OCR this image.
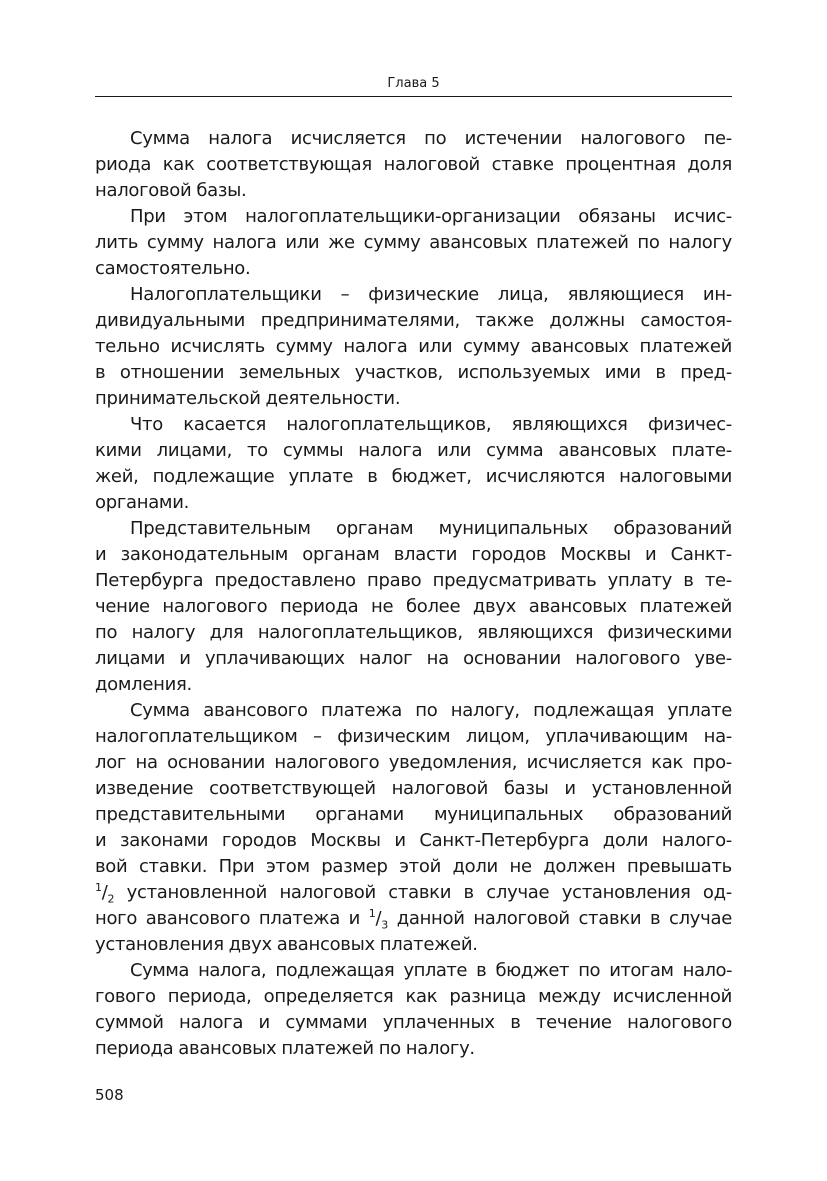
Глава 5

Сумма налога исчисляется по истечении налогового пе-
риода как соответствующая налоговой ставке процентная доля
налоговой базы.

При этом налогоплательщики-организации обязаны исчис-
лить сумму налога или же сумму авансовых платежей по налогу
самостоятельно.

Налогоплательщики – физические лица, являющиеся ин-
дивидуальными предпринимателями, также должны самостоя-
тельно исчислять сумму налога или сумму авансовых платежей
в отношении земельных участков, используемых ими в пред-
принимательской деятельности.

Что касается налогоплательщиков, являющихся физичес-
кими лицами, то суммы налога или сумма авансовых плате-
жей, подлежащие уплате в бюджет, исчисляются налоговыми
органами.

Представительным органам муниципальных образований
и законодательным органам власти городов Москвы и Санкт-
Петербурга предоставлено право предусматривать уплату в те-
чение налогового периода не более двух авансовых платежей
по налогу для налогоплательщиков, являющихся физическими
лицами и уплачивающих налог на основании налогового уве-
домления.

Сумма авансового платежа по налогу, подлежащая уплате
налогоплательщиком – физическим лицом, уплачивающим на-
лог на основании налогового уведомления, исчисляется как про-
изведение соответствующей налоговой базы и установленной
представительными органами муниципальных образований
и законами городов Москвы и Санкт-Петербурга доли налого-
вой ставки. При этом размер этой доли не должен превышать
$^1/_2$ установленной налоговой ставки в случае установления од-
ного авансового платежа и $^1/_3$ данной налоговой ставки в случае
установления двух авансовых платежей.

Сумма налога, подлежащая уплате в бюджет по итогам нало-
гового периода, определяется как разница между исчисленной
суммой налога и суммами уплаченных в течение налогового
периода авансовых платежей по налогу.

508
